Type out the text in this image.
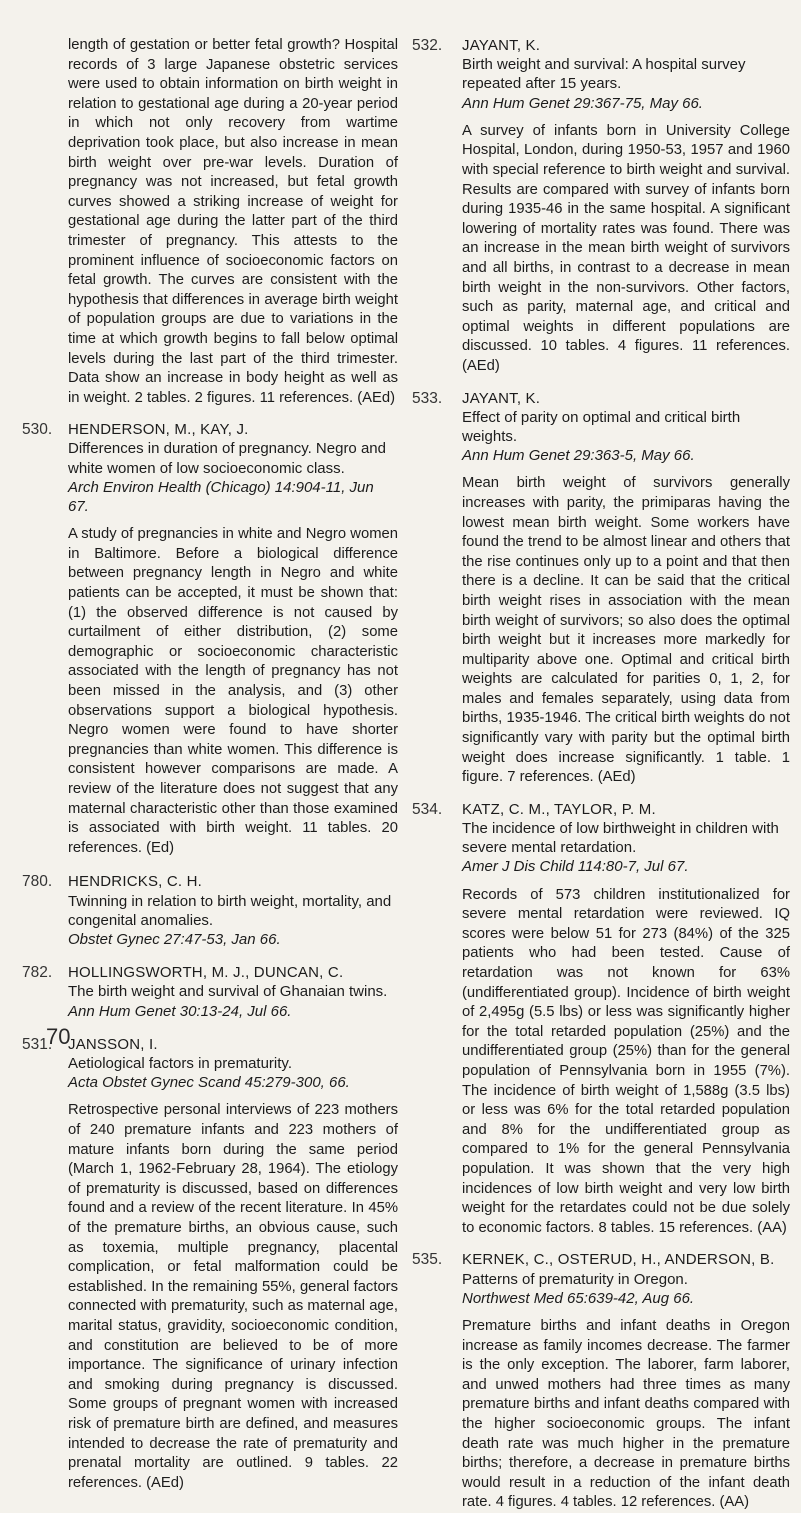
length of gestation or better fetal growth? Hospital records of 3 large Japanese obstetric services were used to obtain information on birth weight in relation to gestational age during a 20-year period in which not only recovery from wartime deprivation took place, but also increase in mean birth weight over pre-war levels. Duration of pregnancy was not increased, but fetal growth curves showed a striking increase of weight for gestational age during the latter part of the third trimester of pregnancy. This attests to the prominent influence of socioeconomic factors on fetal growth. The curves are consistent with the hypothesis that differences in average birth weight of population groups are due to variations in the time at which growth begins to fall below optimal levels during the last part of the third trimester. Data show an increase in body height as well as in weight. 2 tables. 2 figures. 11 references. (AEd)

530. HENDERSON, M., KAY, J.

Differences in duration of pregnancy. Negro and white women of low socioeconomic class.

Arch Environ Health (Chicago) 14:904-11, Jun 67.

A study of pregnancies in white and Negro women in Baltimore. Before a biological difference between pregnancy length in Negro and white patients can be accepted, it must be shown that: (1) the observed difference is not caused by curtailment of either distribution, (2) some demographic or socioeconomic characteristic associated with the length of pregnancy has not been missed in the analysis, and (3) other observations support a biological hypothesis. Negro women were found to have shorter pregnancies than white women. This difference is consistent however comparisons are made. A review of the literature does not suggest that any maternal characteristic other than those examined is associated with birth weight. 11 tables. 20 references. (Ed)

780. HENDRICKS, C. H.

Twinning in relation to birth weight, mortality, and congenital anomalies.

Obstet Gynec 27:47-53, Jan 66.

782. HOLLINGSWORTH, M. J., DUNCAN, C.

The birth weight and survival of Ghanaian twins.

Ann Hum Genet 30:13-24, Jul 66.

531. JANSSON, I.

Aetiological factors in prematurity.

Acta Obstet Gynec Scand 45:279-300, 66.

Retrospective personal interviews of 223 mothers of 240 premature infants and 223 mothers of mature infants born during the same period (March 1, 1962-February 28, 1964). The etiology of prematurity is discussed, based on differences found and a review of the recent literature. In 45% of the premature births, an obvious cause, such as toxemia, multiple pregnancy, placental complication, or fetal malformation could be established. In the remaining 55%, general factors connected with prematurity, such as maternal age, marital status, gravidity, socioeconomic condition, and constitution are believed to be of more importance. The significance of urinary infection and smoking during pregnancy is discussed. Some groups of pregnant women with increased risk of premature birth are defined, and measures intended to decrease the rate of prematurity and prenatal mortality are outlined. 9 tables. 22 references. (AEd)

532. JAYANT, K.

Birth weight and survival: A hospital survey repeated after 15 years.

Ann Hum Genet 29:367-75, May 66.

A survey of infants born in University College Hospital, London, during 1950-53, 1957 and 1960 with special reference to birth weight and survival. Results are compared with survey of infants born during 1935-46 in the same hospital. A significant lowering of mortality rates was found. There was an increase in the mean birth weight of survivors and all births, in contrast to a decrease in mean birth weight in the non-survivors. Other factors, such as parity, maternal age, and critical and optimal weights in different populations are discussed. 10 tables. 4 figures. 11 references. (AEd)

533. JAYANT, K.

Effect of parity on optimal and critical birth weights.

Ann Hum Genet 29:363-5, May 66.

Mean birth weight of survivors generally increases with parity, the primiparas having the lowest mean birth weight. Some workers have found the trend to be almost linear and others that the rise continues only up to a point and that then there is a decline. It can be said that the critical birth weight rises in association with the mean birth weight of survivors; so also does the optimal birth weight but it increases more markedly for multiparity above one. Optimal and critical birth weights are calculated for parities 0, 1, 2, for males and females separately, using data from births, 1935-1946. The critical birth weights do not significantly vary with parity but the optimal birth weight does increase significantly. 1 table. 1 figure. 7 references. (AEd)

534. KATZ, C. M., TAYLOR, P. M.

The incidence of low birthweight in children with severe mental retardation.

Amer J Dis Child 114:80-7, Jul 67.

Records of 573 children institutionalized for severe mental retardation were reviewed. IQ scores were below 51 for 273 (84%) of the 325 patients who had been tested. Cause of retardation was not known for 63% (undifferentiated group). Incidence of birth weight of 2,495g (5.5 lbs) or less was significantly higher for the total retarded population (25%) and the undifferentiated group (25%) than for the general population of Pennsylvania born in 1955 (7%). The incidence of birth weight of 1,588g (3.5 lbs) or less was 6% for the total retarded population and 8% for the undifferentiated group as compared to 1% for the general Pennsylvania population. It was shown that the very high incidences of low birth weight and very low birth weight for the retardates could not be due solely to economic factors. 8 tables. 15 references. (AA)

535. KERNEK, C., OSTERUD, H., ANDERSON, B.

Patterns of prematurity in Oregon.

Northwest Med 65:639-42, Aug 66.

Premature births and infant deaths in Oregon increase as family incomes decrease. The farmer is the only exception. The laborer, farm laborer, and unwed mothers had three times as many premature births and infant deaths compared with the higher socioeconomic groups. The infant death rate was much higher in the premature births; therefore, a decrease in premature births would result in a reduction of the infant death rate. 4 figures. 4 tables. 12 references. (AA)

70
